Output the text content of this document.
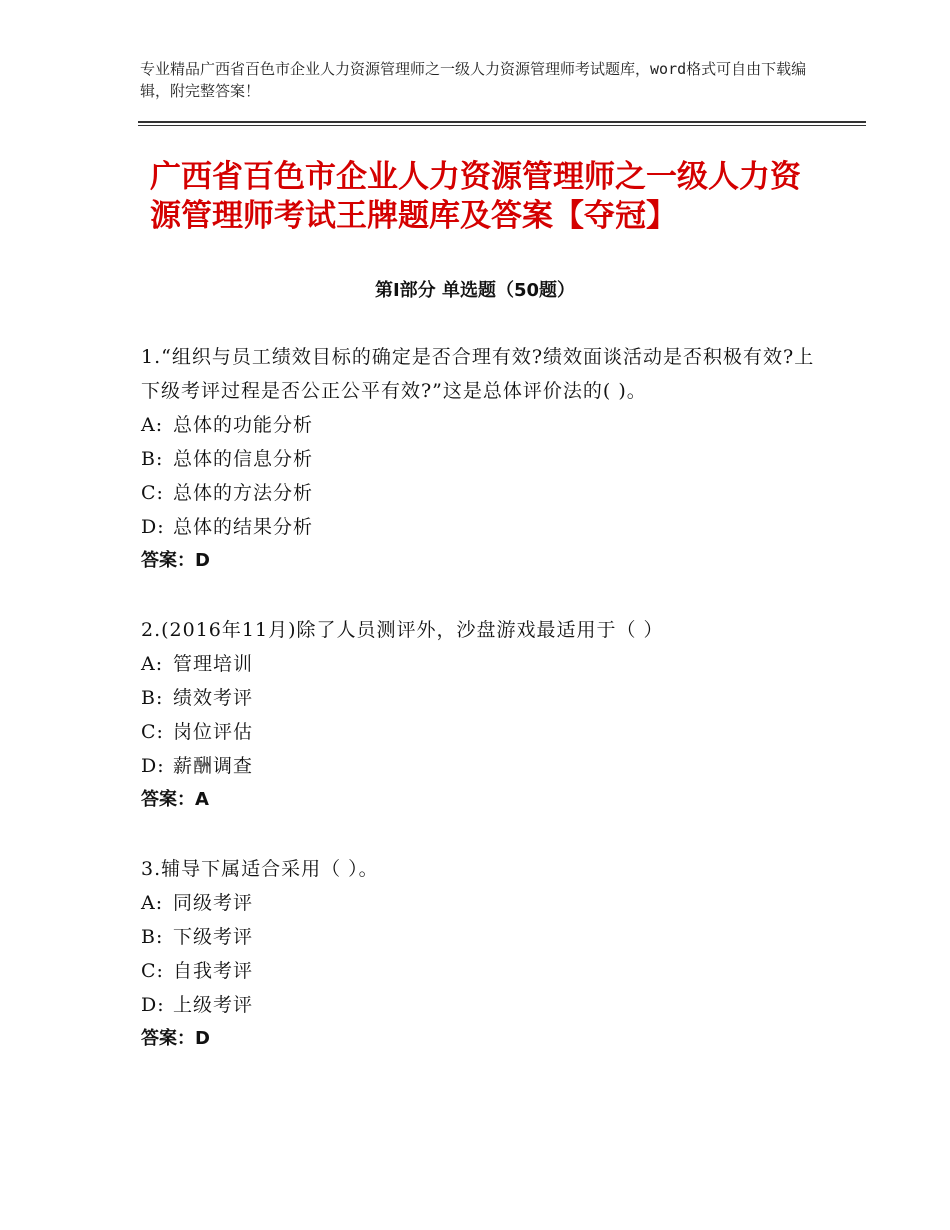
专业精品广西省百色市企业人力资源管理师之一级人力资源管理师考试题库，word格式可自由下载编辑，附完整答案！
广西省百色市企业人力资源管理师之一级人力资源管理师考试王牌题库及答案【夺冠】
第Ⅰ部分 单选题（50题）

1.“组织与员工绩效目标的确定是否合理有效?绩效面谈活动是否积极有效?上下级考评过程是否公正公平有效?”这是总体评价法的( )。

A: 总体的功能分析

B: 总体的信息分析

C: 总体的方法分析

D: 总体的结果分析

答案：D

2.(2016年11月)除了人员测评外，沙盘游戏最适用于（ ）

A: 管理培训

B: 绩效考评

C: 岗位评估

D: 薪酬调查

答案：A

3.辅导下属适合采用（ ）。

A: 同级考评

B: 下级考评

C: 自我考评

D: 上级考评

答案：D
